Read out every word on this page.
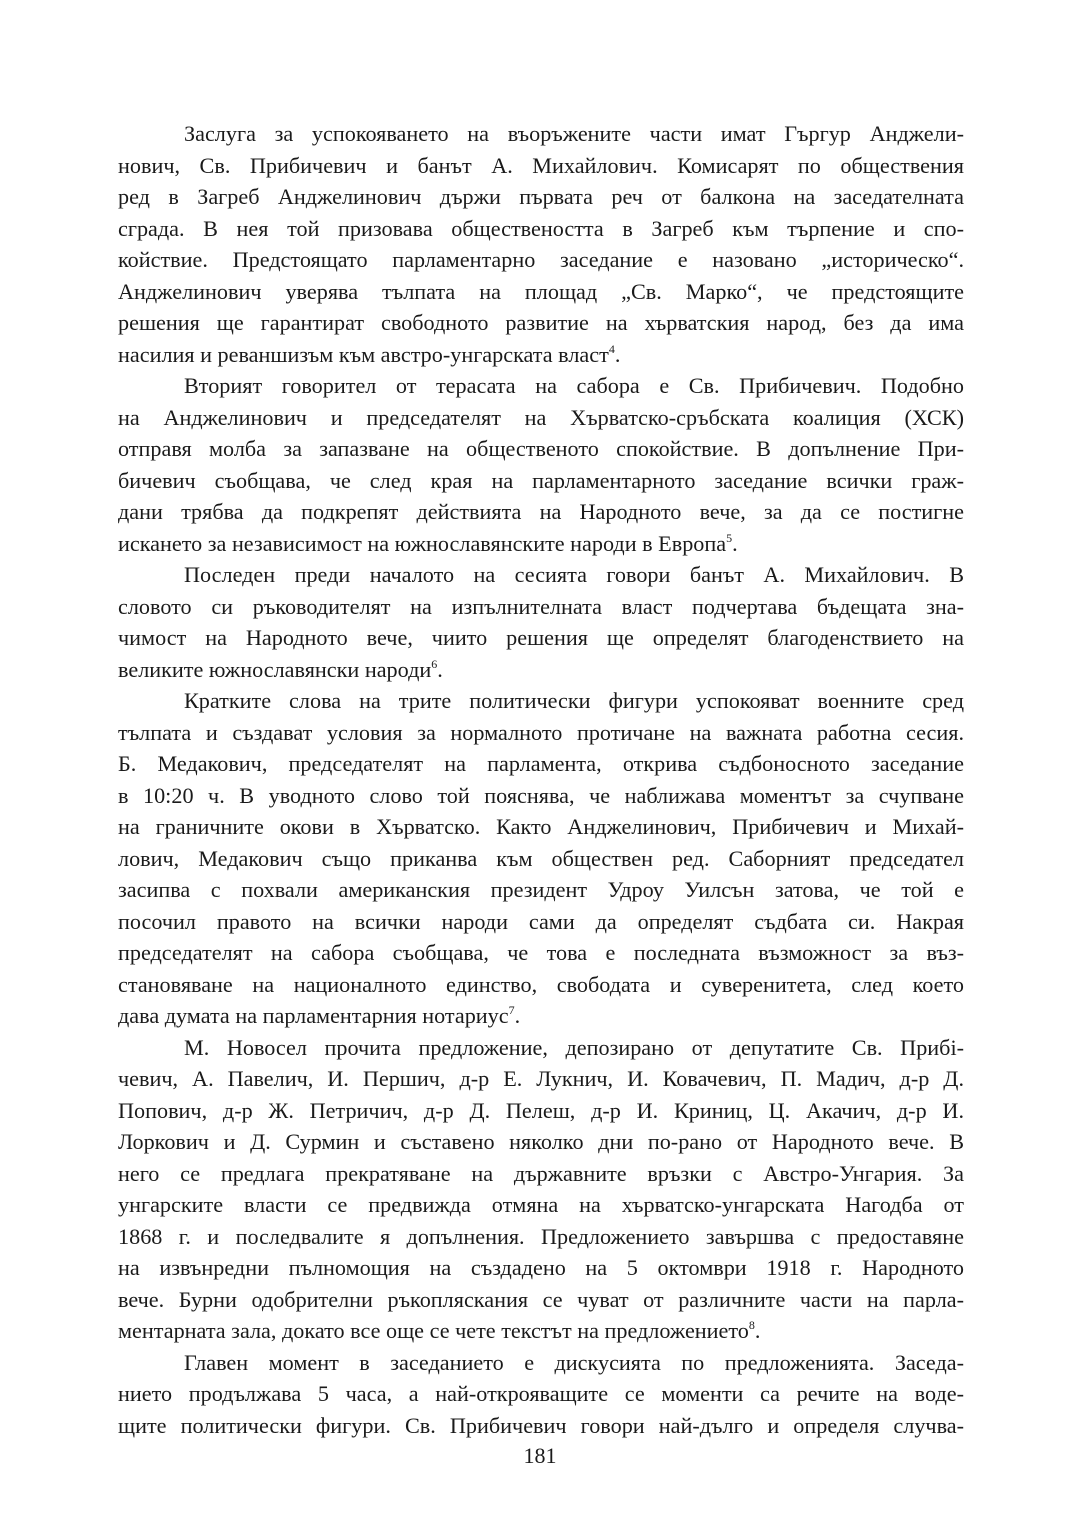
Заслуга за успокояването на въоръжените части имат Гъргур Анджели-
нович, Св. Прибичевич и банът А. Михайлович. Комисарят по обществения
ред в Загреб Анджелинович държи първата реч от балкона на заседателната
сграда. В нея той призовава обществеността в Загреб към търпение и спо-
койствие. Предстоящато парламентарно заседание е назовано „историческо“.
Анджелинович уверява тълпата на площад „Св. Марко“, че предстоящите
решения ще гарантират свободното развитие на хърватския народ, без да има
насилия и реваншизъм към австро-унгарската власт$^4$.

Вторият говорител от терасата на сабора е Св. Прибичевич. Подобно
на Анджелинович и председателят на Хърватско-сръбската коалиция (ХСК)
отправя молба за запазване на общественото спокойствие. В допълнение При-
бичевич съобщава, че след края на парламентарното заседание всички граж-
дани трябва да подкрепят действията на Народното вече, за да се постигне
искането за независимост на южнославянските народи в Европа$^5$.

Последен преди началото на сесията говори банът А. Михайлович. В
словото си ръководителят на изпълнителната власт подчертава бъдещата зна-
чимост на Народното вече, чиито решения ще определят благоденствието на
великите южнославянски народи$^6$.

Кратките слова на трите политически фигури успокояват военните сред
тълпата и създават условия за нормалното протичане на важната работна сесия.
Б. Медакович, председателят на парламента, открива съдбоносното заседание
в 10:20 ч. В уводното слово той пояснява, че наближава моментът за счупване
на граничните окови в Хърватско. Както Анджелинович, Прибичевич и Михай-
лович, Медакович също приканва към обществен ред. Саборният председател
засипва с похвали американския президент Удроу Уилсън затова, че той е
посочил правото на всички народи сами да определят съдбата си. Накрая
председателят на сабора съобщава, че това е последната възможност за въз-
становяване на националното единство, свободата и суверенитета, след което
дава думата на парламентарния нотариус$^7$.

М. Новосел прочита предложение, депозирано от депутатите Св. Прибі-
чевич, А. Павелич, И. Першич, д-р Е. Лукнич, И. Ковачевич, П. Мадич, д-р Д.
Попович, д-р Ж. Петричич, д-р Д. Пелеш, д-р И. Криниц, Ц. Акачич, д-р И.
Лоркович и Д. Сурмин и съставено няколко дни по-рано от Народното вече. В
него се предлага прекратяване на държавните връзки с Австро-Унгария. За
унгарските власти се предвижда отмяна на хърватско-унгарската Нагодба от
1868 г. и последвалите я допълнения. Предложението завършва с предоставяне
на извънредни пълномощия на създадено на 5 октомври 1918 г. Народното
вече. Бурни одобрителни ръкопляскания се чуват от различните части на парла-
ментарната зала, докато все още се чете текстът на предложението$^8$.

Главен момент в заседанието е дискусията по предложенията. Заседа-
нието продължава 5 часа, а най-открояващите се моменти са речите на водe-
щите политически фигури. Св. Прибичевич говори най-дълго и определя случва-

181
